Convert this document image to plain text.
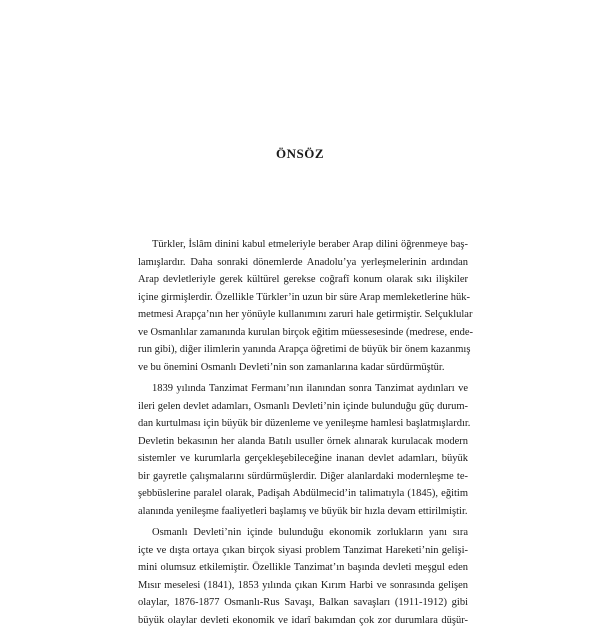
ÖNSÖZ
Türkler, İslâm dinini kabul etmeleriyle beraber Arap dilini öğrenmeye baş-
lamışlardır. Daha sonraki dönemlerde Anadolu’ya yerleşmelerinin ardından
Arap devletleriyle gerek kültürel gerekse coğrafî konum olarak sıkı ilişkiler
içine girmişlerdir. Özellikle Türkler’in uzun bir süre Arap memleketlerine hük-
metmesi Arapça’nın her yönüyle kullanımını zaruri hale getirmiştir. Selçuklular
ve Osmanlılar zamanında kurulan birçok eğitim müessesesinde (medrese, ende-
run gibi), diğer ilimlerin yanında Arapça öğretimi de büyük bir önem kazanmış
ve bu önemini Osmanlı Devleti’nin son zamanlarına kadar sürdürmüştür.
1839 yılında Tanzimat Fermanı’nın ilanından sonra Tanzimat aydınları ve
ileri gelen devlet adamları, Osmanlı Devleti’nin içinde bulunduğu güç durum-
dan kurtulması için büyük bir düzenleme ve yenileşme hamlesi başlatmışlardır.
Devletin bekasının her alanda Batılı usuller örnek alınarak kurulacak modern
sistemler ve kurumlarla gerçekleşebileceğine inanan devlet adamları, büyük
bir gayretle çalışmalarını sürdürmüşlerdir. Diğer alanlardaki modernleşme te-
şebbüslerine paralel olarak, Padişah Abdülmecid’in talimatıyla (1845), eğitim
alanında yenileşme faaliyetleri başlamış ve büyük bir hızla devam ettirilmiştir.
Osmanlı Devleti’nin içinde bulunduğu ekonomik zorlukların yanı sıra
içte ve dışta ortaya çıkan birçok siyasi problem Tanzimat Hareketi’nin gelişi-
mini olumsuz etkilemiştir. Özellikle Tanzimat’ın başında devleti meşgul eden
Mısır meselesi (1841), 1853 yılında çıkan Kırım Harbi ve sonrasında gelişen
olaylar, 1876-1877 Osmanlı-Rus Savaşı, Balkan savaşları (1911-1912) gibi
büyük olaylar devleti ekonomik ve idarî bakımdan çok zor durumlara düşür-
